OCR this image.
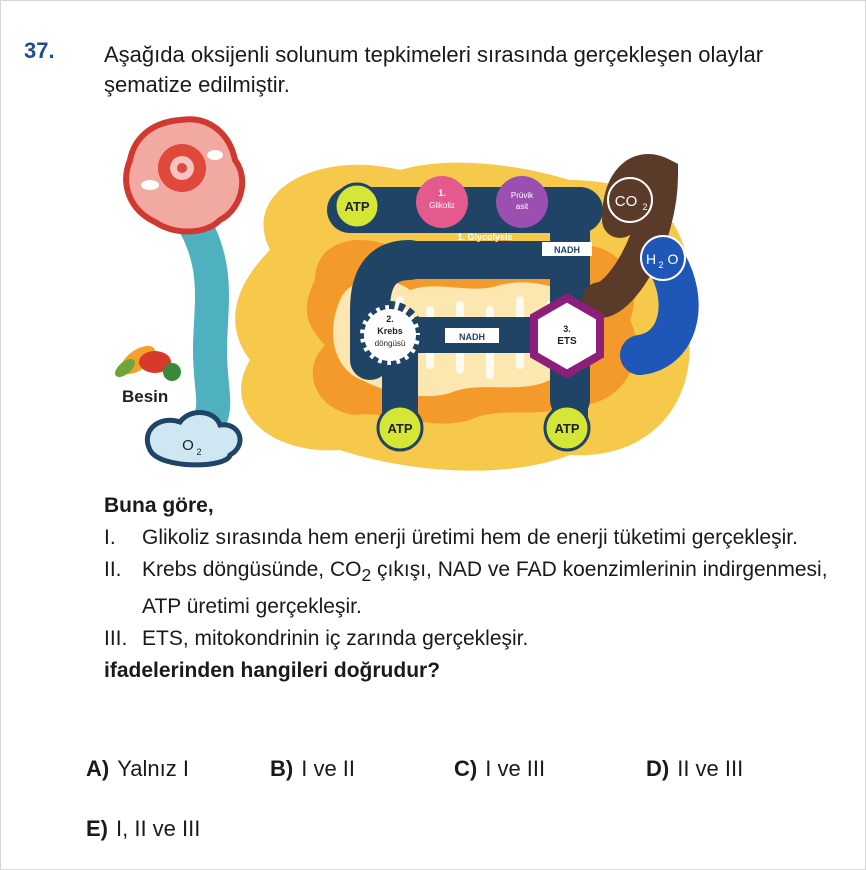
37. Aşağıda oksijenli solunum tepkimeleri sırasında gerçekleşen olaylar şematize edilmiştir.
1.
Glikoliz
Prüvik
asit
1. Glycolysis
NADH
ATP	CO 2
H 2 O
2.
Krebs
döngüsü
NADH
3.
ETS
ATP	ATP
Besin
O 2
Buna göre,
I. Glikoliz sırasında hem enerji üretimi hem de enerji tüketimi gerçekleşir.
II. Krebs döngüsünde, $CO_2$ çıkışı, NAD ve FAD koenzimlerinin indirgenmesi, ATP üretimi gerçekleşir.
III. ETS, mitokondrinin iç zarında gerçekleşir.
ifadelerinden hangileri doğrudur?
A) Yalnız I	B) I ve II	C) I ve III	D) II ve III
E) I, II ve III
